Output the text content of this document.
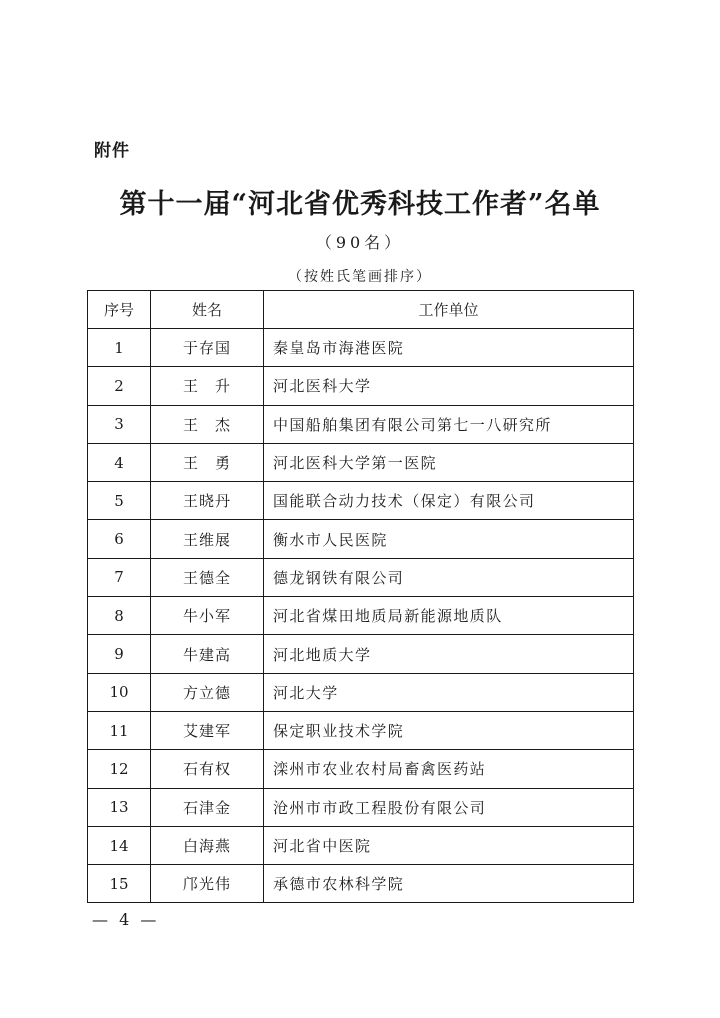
附件
第十一届“河北省优秀科技工作者”名单
（90名）
（按姓氏笔画排序）
序号	姓名	工作单位
1	于存国	秦皇岛市海港医院
2	王　升	河北医科大学
3	王　杰	中国船舶集团有限公司第七一八研究所
4	王　勇	河北医科大学第一医院
5	王晓丹	国能联合动力技术（保定）有限公司
6	王维展	衡水市人民医院
7	王德全	德龙钢铁有限公司
8	牛小军	河北省煤田地质局新能源地质队
9	牛建高	河北地质大学
10	方立德	河北大学
11	艾建军	保定职业技术学院
12	石有权	滦州市农业农村局畜禽医药站
13	石津金	沧州市市政工程股份有限公司
14	白海燕	河北省中医院
15	邝光伟	承德市农林科学院
— 4 —
